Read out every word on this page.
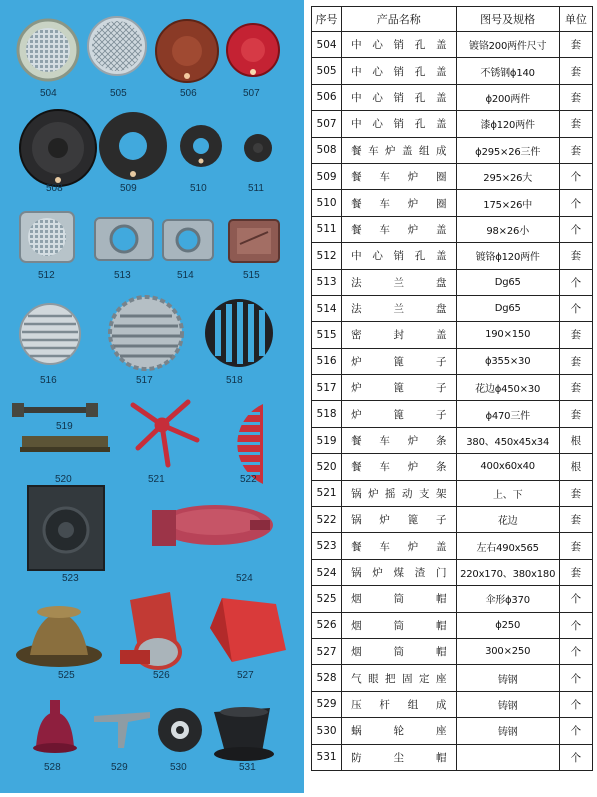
504	505	506	507
508	509	510	511
512	513	514	515
516	517	518
519
520	521	522
523	524
525	526	527
528	529	530	531
序号	产品名称	图号及规格	单位
504	中心销孔盖	镀铬200两件尺寸	套
505	中心销孔盖	不锈钢ϕ140	套
506	中心销孔盖	ϕ200两件	套
507	中心销孔盖	漆ϕ120两件	套
508	餐车炉盖组成	ϕ295×26三件	套
509	餐车炉圈	295×26大	个
510	餐车炉圈	175×26中	个
511	餐车炉盖	98×26小	个
512	中心销孔盖	镀铬ϕ120两件	套
513	法兰盘	Dg65	个
514	法兰盘	Dg65	个
515	密封盖	190×150	套
516	炉篦子	ϕ355×30	套
517	炉篦子	花边ϕ450×30	套
518	炉篦子	ϕ470三件	套
519	餐车炉条	380、450x45x34	根
520	餐车炉条	400x60x40	根
521	锅炉摇动支架	上、下	套
522	锅炉篦子	花边	套
523	餐车炉盖	左右490x565	套
524	锅炉煤渣门	220x170、380x180	套
525	烟筒帽	伞形ϕ370	个
526	烟筒帽	ϕ250	个
527	烟筒帽	300×250	个
528	气眼把固定座	铸钢	个
529	压杆组成	铸钢	个
530	蜗轮座	铸钢	个
531	防尘帽		个
